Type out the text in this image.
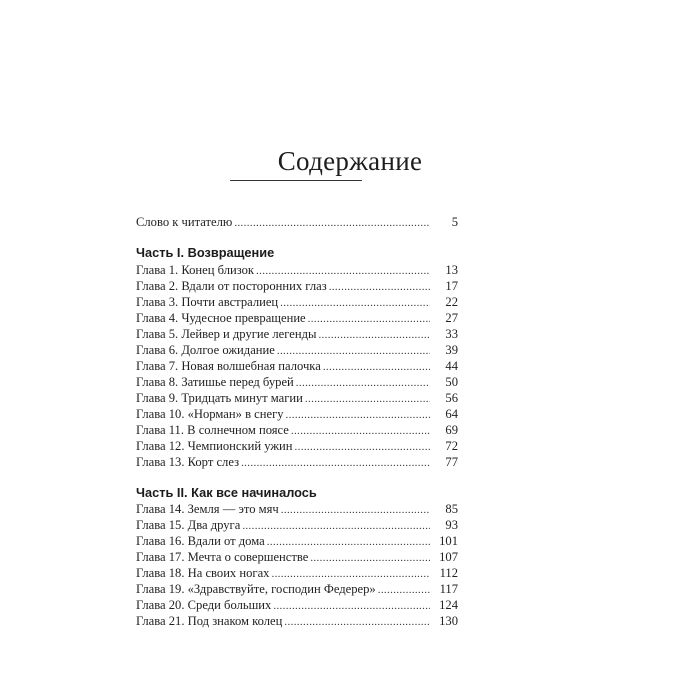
Содержание
Слово к читателю . . .	5
Часть I. Возвращение
Глава 1. Конец близок . . .	13
Глава 2. Вдали от посторонних глаз . . .	17
Глава 3. Почти австралиец . . .	22
Глава 4. Чудесное превращение . . .	27
Глава 5. Лейвер и другие легенды . . .	33
Глава 6. Долгое ожидание . . .	39
Глава 7. Новая волшебная палочка . . .	44
Глава 8. Затишье перед бурей . . .	50
Глава 9. Тридцать минут магии . . .	56
Глава 10. «Норман» в снегу . . .	64
Глава 11. В солнечном поясе . . .	69
Глава 12. Чемпионский ужин . . .	72
Глава 13. Корт слез . . .	77
Часть II. Как все начиналось
Глава 14. Земля — это мяч . . .	85
Глава 15. Два друга . . .	93
Глава 16. Вдали от дома . . .	101
Глава 17. Мечта о совершенстве . . .	107
Глава 18. На своих ногах . . .	112
Глава 19. «Здравствуйте, господин Федерер» . . .	117
Глава 20. Среди больших . . .	124
Глава 21. Под знаком колец . . .	130
